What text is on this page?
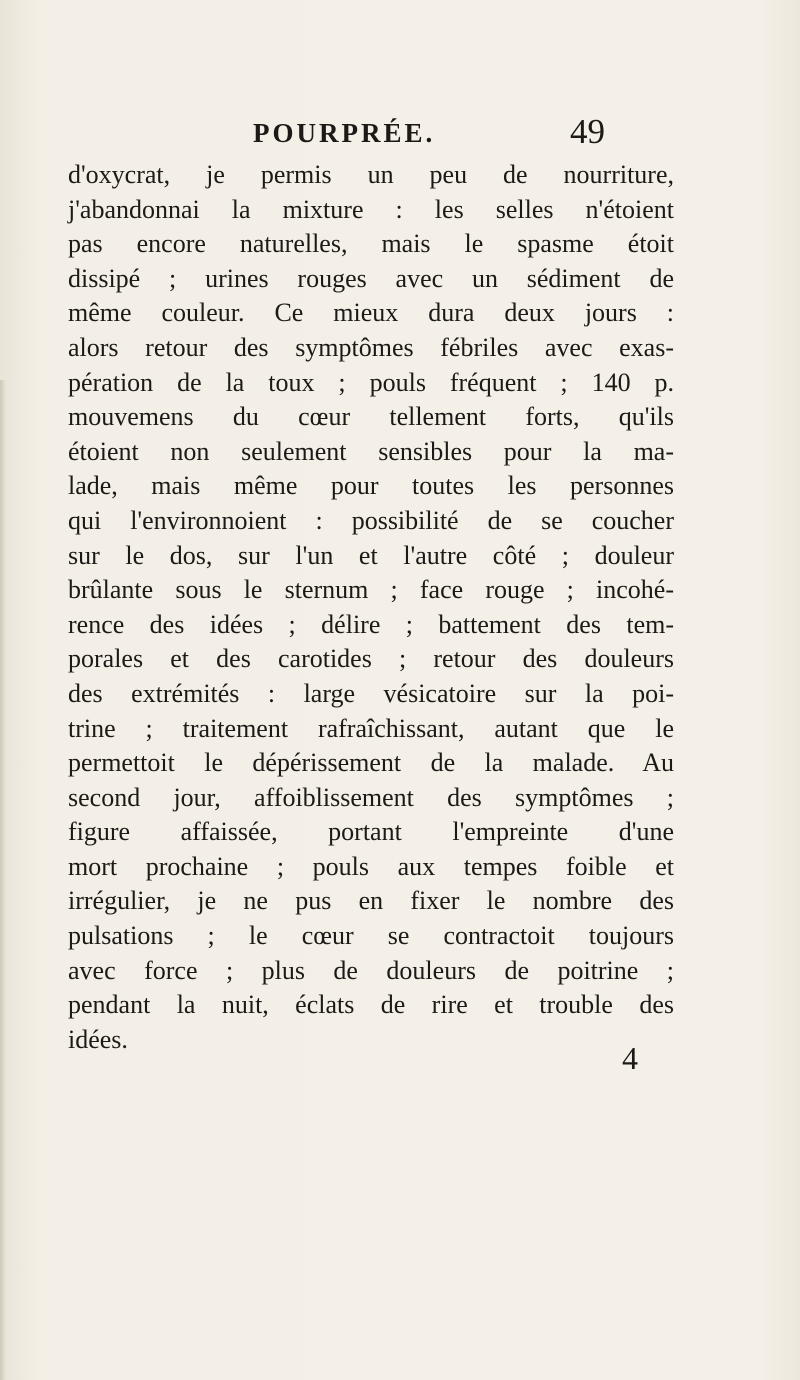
POURPRÉE.	49
d'oxycrat, je permis un peu de nourriture,
j'abandonnai la mixture : les selles n'étoient
pas encore naturelles, mais le spasme étoit
dissipé ; urines rouges avec un sédiment de
même couleur. Ce mieux dura deux jours :
alors retour des symptômes fébriles avec exas-
pération de la toux ; pouls fréquent ; 140 p.
mouvemens du cœur tellement forts, qu'ils
étoient non seulement sensibles pour la ma-
lade, mais même pour toutes les personnes
qui l'environnoient : possibilité de se coucher
sur le dos, sur l'un et l'autre côté ; douleur
brûlante sous le sternum ; face rouge ; incohé-
rence des idées ; délire ; battement des tem-
porales et des carotides ; retour des douleurs
des extrémités : large vésicatoire sur la poi-
trine ; traitement rafraîchissant, autant que le
permettoit le dépérissement de la malade. Au
second jour, affoiblissement des symptômes ;
figure affaissée, portant l'empreinte d'une
mort prochaine ; pouls aux tempes foible et
irrégulier, je ne pus en fixer le nombre des
pulsations ; le cœur se contractoit toujours
avec force ; plus de douleurs de poitrine ;
pendant la nuit, éclats de rire et trouble des
idées.
4
